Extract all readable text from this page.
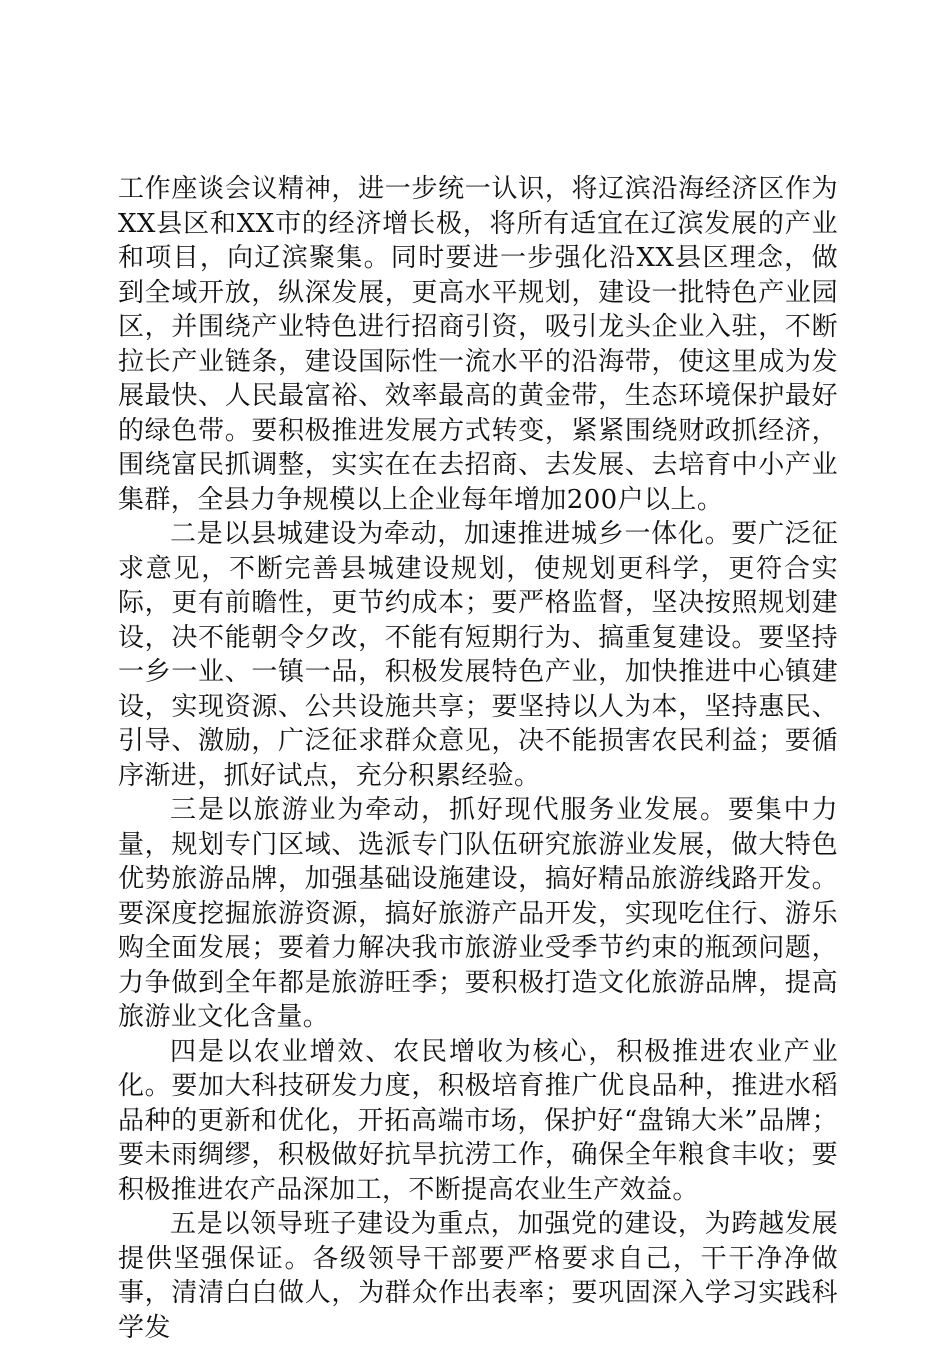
工作座谈会议精神，进一步统一认识，将辽滨沿海经济区作为XX县区和XX市的经济增长极，将所有适宜在辽滨发展的产业和项目，向辽滨聚集。同时要进一步强化沿XX县区理念，做到全域开放，纵深发展，更高水平规划，建设一批特色产业园区，并围绕产业特色进行招商引资，吸引龙头企业入驻，不断拉长产业链条，建设国际性一流水平的沿海带，使这里成为发展最快、人民最富裕、效率最高的黄金带，生态环境保护最好的绿色带。要积极推进发展方式转变，紧紧围绕财政抓经济，围绕富民抓调整，实实在在去招商、去发展、去培育中小产业集群，全县力争规模以上企业每年增加200户以上。

二是以县城建设为牵动，加速推进城乡一体化。要广泛征求意见，不断完善县城建设规划，使规划更科学，更符合实际，更有前瞻性，更节约成本；要严格监督，坚决按照规划建设，决不能朝令夕改，不能有短期行为、搞重复建设。要坚持一乡一业、一镇一品，积极发展特色产业，加快推进中心镇建设，实现资源、公共设施共享；要坚持以人为本，坚持惠民、引导、激励，广泛征求群众意见，决不能损害农民利益；要循序渐进，抓好试点，充分积累经验。

三是以旅游业为牵动，抓好现代服务业发展。要集中力量，规划专门区域、选派专门队伍研究旅游业发展，做大特色优势旅游品牌，加强基础设施建设，搞好精品旅游线路开发。要深度挖掘旅游资源，搞好旅游产品开发，实现吃住行、游乐购全面发展；要着力解决我市旅游业受季节约束的瓶颈问题，力争做到全年都是旅游旺季；要积极打造文化旅游品牌，提高旅游业文化含量。

四是以农业增效、农民增收为核心，积极推进农业产业化。要加大科技研发力度，积极培育推广优良品种，推进水稻品种的更新和优化，开拓高端市场，保护好“盘锦大米”品牌；要未雨绸缪，积极做好抗旱抗涝工作，确保全年粮食丰收；要积极推进农产品深加工，不断提高农业生产效益。

五是以领导班子建设为重点，加强党的建设，为跨越发展提供坚强保证。各级领导干部要严格要求自己，干干净净做事，清清白白做人，为群众作出表率；要巩固深入学习实践科学发
